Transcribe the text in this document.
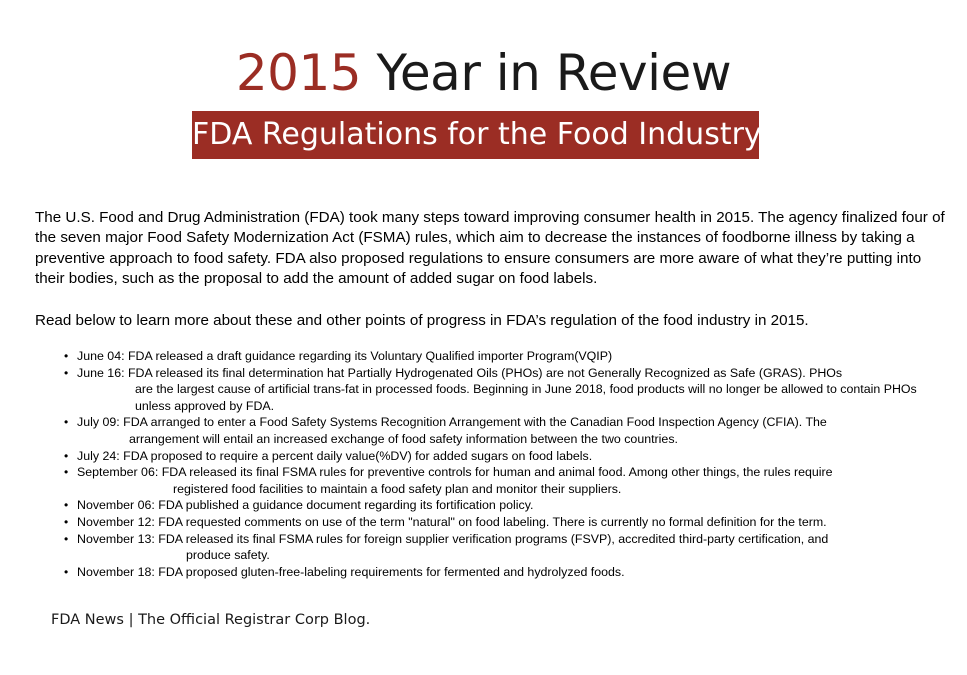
2015 Year in Review
FDA Regulations for the Food Industry

The U.S. Food and Drug Administration (FDA) took many steps toward improving consumer health in 2015. The agency finalized four of the seven major Food Safety Modernization Act (FSMA) rules, which aim to decrease the instances of foodborne illness by taking a preventive approach to food safety. FDA also proposed regulations to ensure consumers are more aware of what they’re putting into their bodies, such as the proposal to add the amount of added sugar on food labels.

Read below to learn more about these and other points of progress in FDA’s regulation of the food industry in 2015.

• June 04: FDA released a draft guidance regarding its Voluntary Qualified importer Program(VQIP)
• June 16: FDA released its final determination hat Partially Hydrogenated Oils (PHOs) are not Generally Recognized as Safe (GRAS). PHOs
are the largest cause of artificial trans-fat in processed foods. Beginning in June 2018, food products will no longer be allowed to contain PHOs unless approved by FDA.
• July 09: FDA arranged to enter a Food Safety Systems Recognition Arrangement with the Canadian Food Inspection Agency (CFIA). The
arrangement will entail an increased exchange of food safety information between the two countries.
• July 24: FDA proposed to require a percent daily value(%DV) for added sugars on food labels.
• September 06: FDA released its final FSMA rules for preventive controls for human and animal food. Among other things, the rules require
registered food facilities to maintain a food safety plan and monitor their suppliers.
• November 06: FDA published a guidance document regarding its fortification policy.
• November 12: FDA requested comments on use of the term "natural" on food labeling. There is currently no formal definition for the term.
• November 13: FDA released its final FSMA rules for foreign supplier verification programs (FSVP), accredited third-party certification, and
produce safety.
• November 18: FDA proposed gluten-free-labeling requirements for fermented and hydrolyzed foods.
FDA News | The Official Registrar Corp Blog.
